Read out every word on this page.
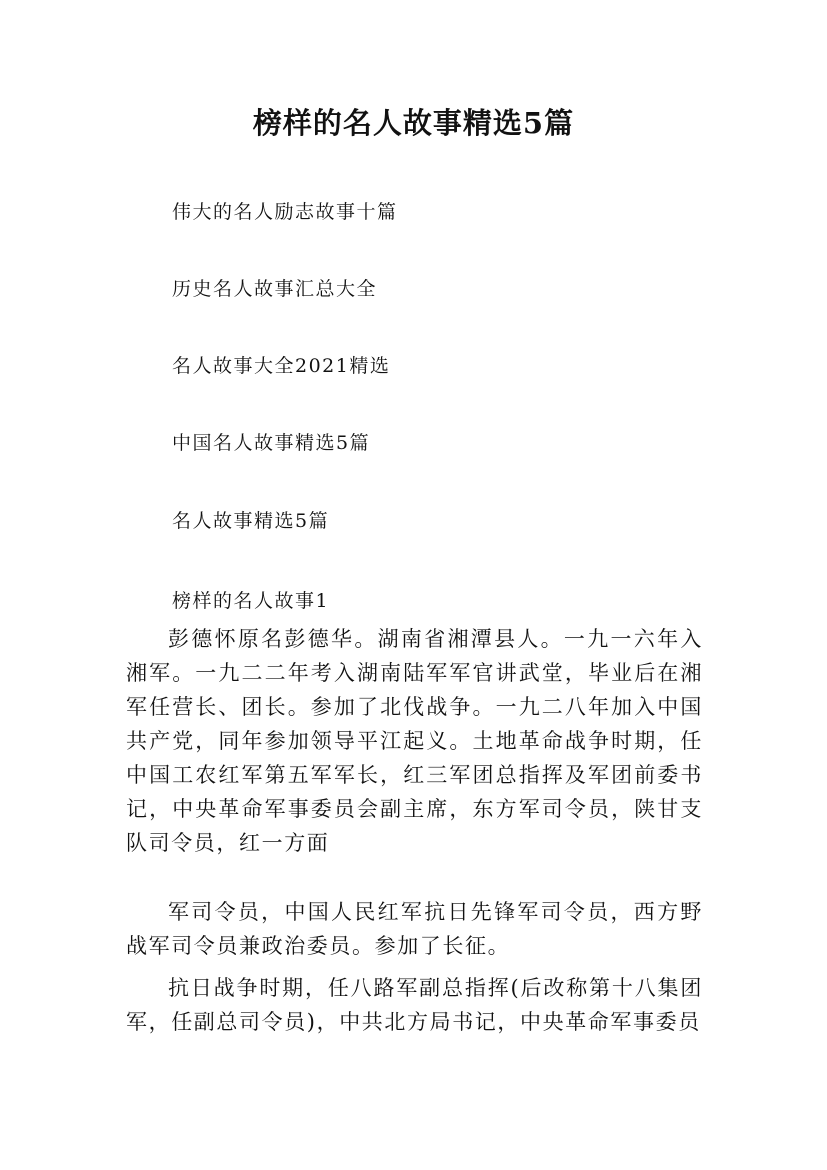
榜样的名人故事精选5篇
伟大的名人励志故事十篇
历史名人故事汇总大全
名人故事大全2021精选
中国名人故事精选5篇
名人故事精选5篇
榜样的名人故事1

彭德怀原名彭德华。湖南省湘潭县人。一九一六年入湘军。一九二二年考入湖南陆军军官讲武堂，毕业后在湘军任营长、团长。参加了北伐战争。一九二八年加入中国共产党，同年参加领导平江起义。土地革命战争时期，任中国工农红军第五军军长，红三军团总指挥及军团前委书记，中央革命军事委员会副主席，东方军司令员，陕甘支队司令员，红一方面

军司令员，中国人民红军抗日先锋军司令员，西方野战军司令员兼政治委员。参加了长征。

抗日战争时期，任八路军副总指挥(后改称第十八集团军，任副总司令员)，中共北方局书记，中央革命军事委员
